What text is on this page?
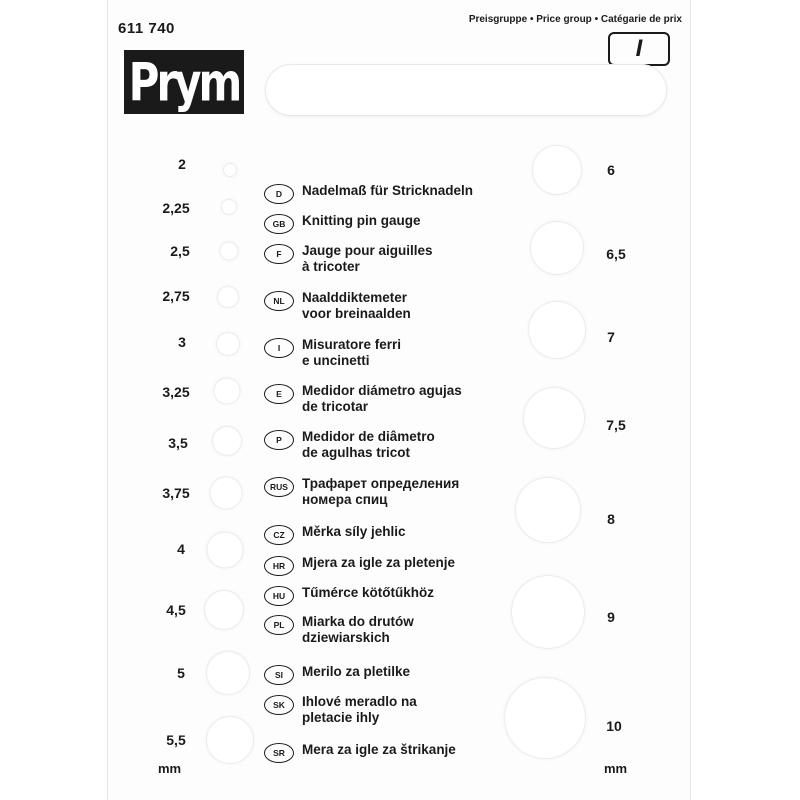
611 740
Preisgruppe • Price group • Catégarie de prix
I
Prym
2
2,25
2,5
2,75
3
3,25
3,5
3,75
4
4,5
5
5,5
mm
6
6,5
7
7,5
8
9
10
mm
D	Nadelmaß für Stricknadeln
GB	Knitting pin gauge
F	Jauge pour aiguilles
à tricoter
NL	Naalddiktemeter
voor breinaalden
I	Misuratore ferri
e uncinetti
E	Medidor diámetro agujas
de tricotar
P	Medidor de diâmetro
de agulhas tricot
RUS	Трафарет определения
номера спиц
CZ	Měrka síly jehlic
HR	Mjera za igle za pletenje
HU	Tűmérce kötőtűkhöz
PL	Miarka do drutów
dziewiarskich
SI	Merilo za pletilke
SK	Ihlové meradlo na
pletacie ihly
SR	Mera za igle za štrikanje
